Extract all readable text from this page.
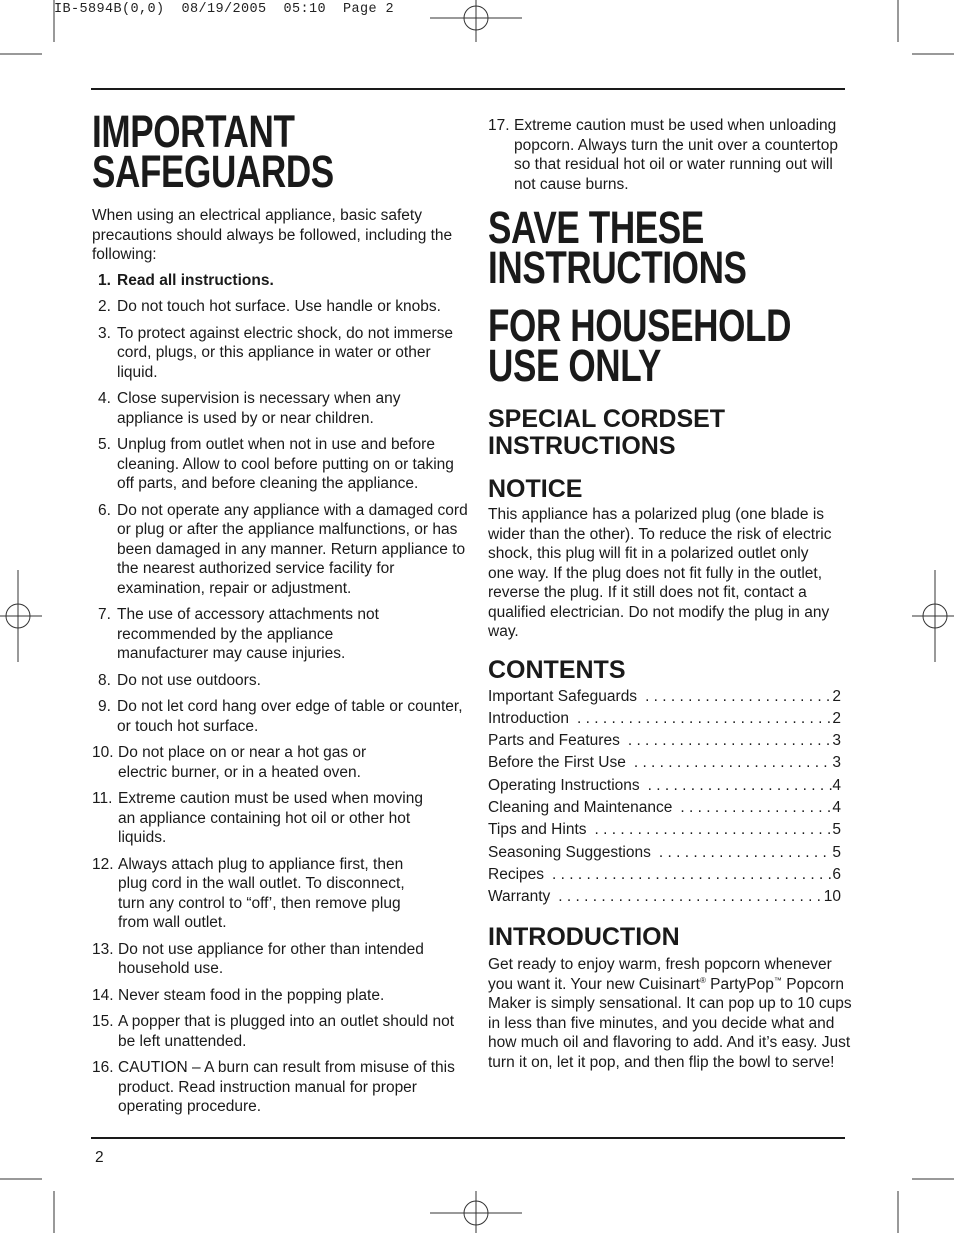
IB-5894B(0,0)  08/19/2005  05:10  Page 2
IMPORTANT
SAFEGUARDS

When using an electrical appliance, basic safety precautions should always be followed, including the following:

1. Read all instructions.
2. Do not touch hot surface. Use handle or knobs.
3. To protect against electric shock, do not immerse cord, plugs, or this appliance in water or other liquid.
4. Close supervision is necessary when any appliance is used by or near children.
5. Unplug from outlet when not in use and before cleaning. Allow to cool before putting on or taking off parts, and before cleaning the appliance.
6. Do not operate any appliance with a damaged cord or plug or after the appliance malfunctions, or has been damaged in any manner. Return appliance to the nearest authorized service facility for examination, repair or adjustment.
7. The use of accessory attachments not recommended by the appliance manufacturer may cause injuries.
8. Do not use outdoors.
9. Do not let cord hang over edge of table or counter, or touch hot surface.
10. Do not place on or near a hot gas or electric burner, or in a heated oven.
11. Extreme caution must be used when moving an appliance containing hot oil or other hot liquids.
12. Always attach plug to appliance first, then plug cord in the wall outlet. To disconnect, turn any control to “off’, then remove plug from wall outlet.
13. Do not use appliance for other than intended household use.
14. Never steam food in the popping plate.
15. A popper that is plugged into an outlet should not be left unattended.
16. CAUTION – A burn can result from misuse of this product. Read instruction manual for proper operating procedure.
17. Extreme caution must be used when unloading popcorn. Always turn the unit over a countertop so that residual hot oil or water running out will not cause burns.
SAVE THESE
INSTRUCTIONS
FOR HOUSEHOLD
USE ONLY
SPECIAL CORDSET
INSTRUCTIONS
NOTICE

This appliance has a polarized plug (one blade is wider than the other). To reduce the risk of electric shock, this plug will fit in a polarized outlet only one way. If the plug does not fit fully in the outlet, reverse the plug. If it still does not fit, contact a qualified electrician. Do not modify the plug in any way.

CONTENTS
Important Safeguards . . .	2
Introduction . . .	2
Parts and Features . . .	3
Before the First Use . . .	3
Operating Instructions . . .	4
Cleaning and Maintenance . . .	4
Tips and Hints . . .	5
Seasoning Suggestions . . .	5
Recipes . . .	6
Warranty . . .	10
INTRODUCTION

Get ready to enjoy warm, fresh popcorn whenever you want it. Your new Cuisinart® PartyPop™ Popcorn Maker is simply sensational. It can pop up to 10 cups in less than five minutes, and you decide what and how much oil and flavoring to add. And it’s easy. Just turn it on, let it pop, and then flip the bowl to serve!

2
